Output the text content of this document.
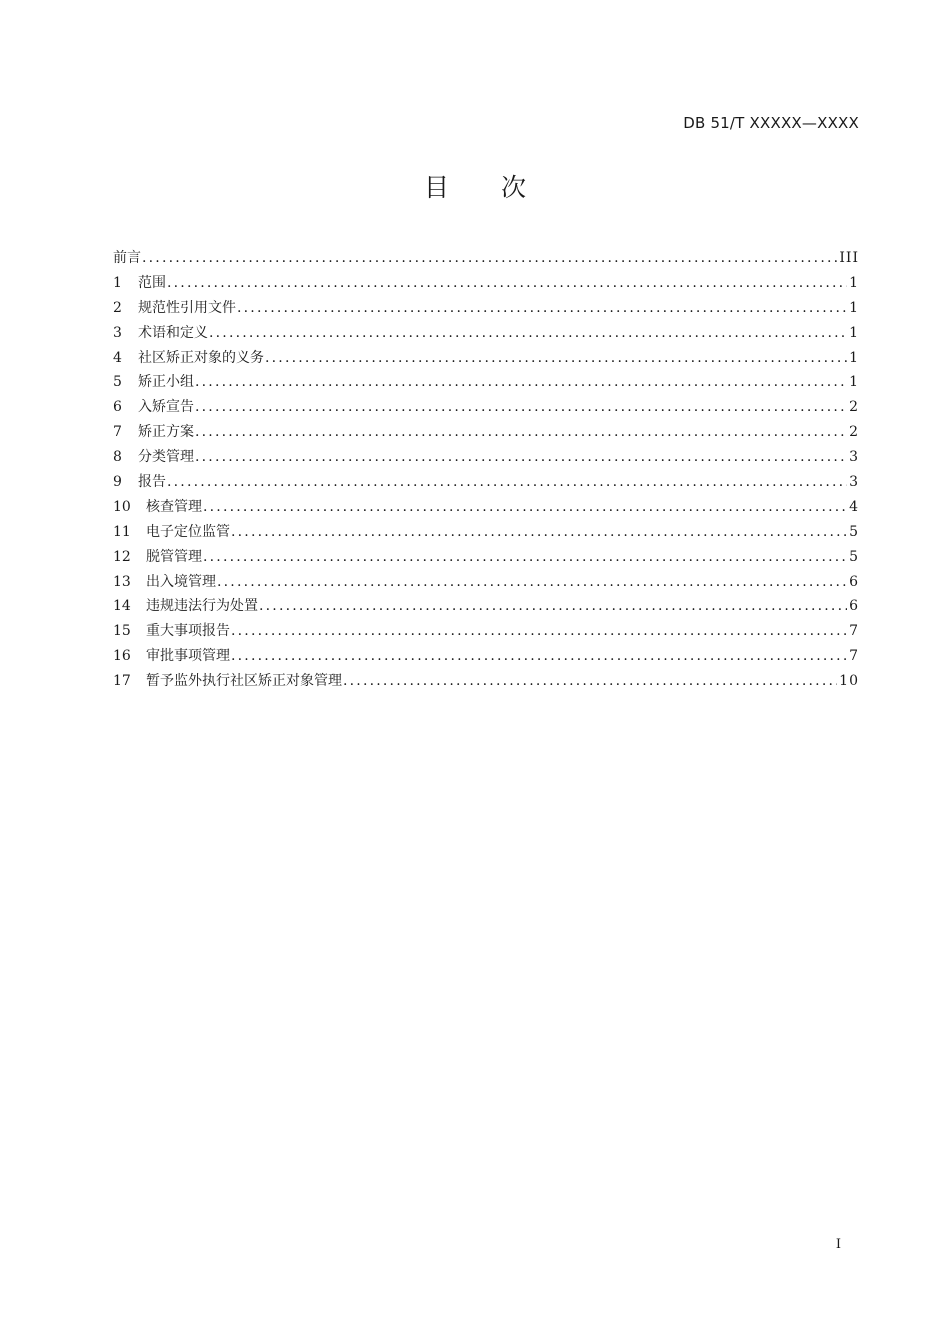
DB 51/T XXXXX—XXXX
目 次
前言 .....	III
1	范围 .....	1
2	规范性引用文件 .....	1
3	术语和定义 .....	1
4	社区矫正对象的义务 .....	1
5	矫正小组 .....	1
6	入矫宣告 .....	2
7	矫正方案 .....	2
8	分类管理 .....	3
9	报告 .....	3
10	核查管理 .....	4
11	电子定位监管 .....	5
12	脱管管理 .....	5
13	出入境管理 .....	6
14	违规违法行为处置 .....	6
15	重大事项报告 .....	7
16	审批事项管理 .....	7
17	暂予监外执行社区矫正对象管理 .....	10
I
